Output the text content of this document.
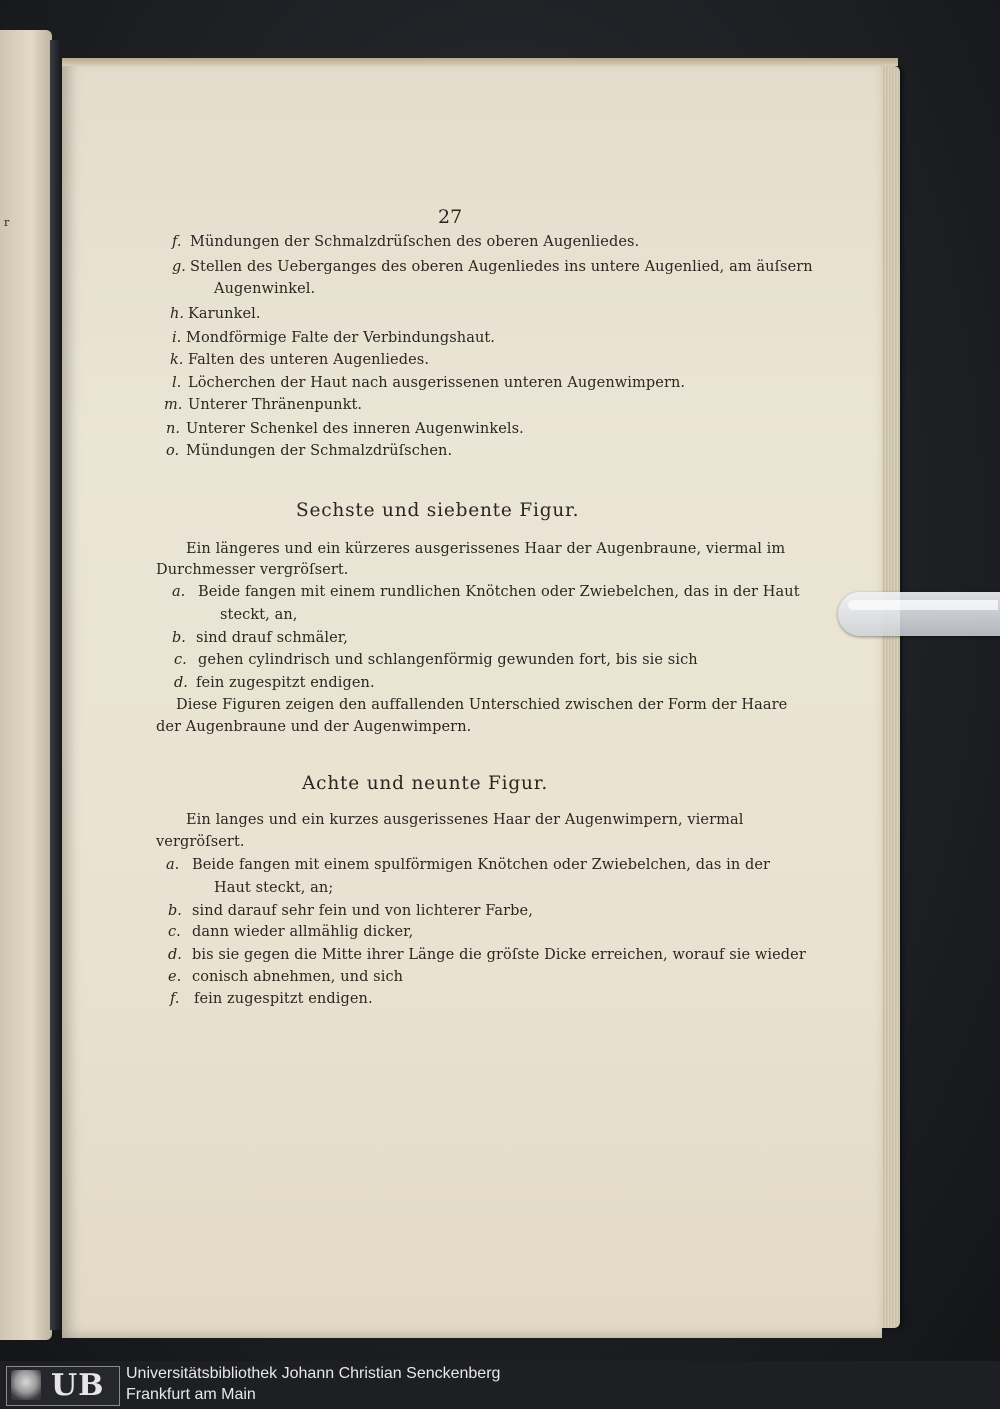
r	27
f. Mündungen der Schmalzdrüſschen des oberen Augenliedes.
g. Stellen des Ueberganges des oberen Augenliedes ins untere Augenlied, am äuſsern
Augenwinkel.
h. Karunkel.
i. Mondförmige Falte der Verbindungshaut.
k. Falten des unteren Augenliedes.
l. Löcherchen der Haut nach ausgerissenen unteren Augenwimpern.
m. Unterer Thränenpunkt.
n. Unterer Schenkel des inneren Augenwinkels.
o. Mündungen der Schmalzdrüſschen.
Sechste und siebente Figur.
Ein längeres und ein kürzeres ausgerissenes Haar der Augenbraune, viermal im
Durchmesser vergröſsert.
a. Beide fangen mit einem rundlichen Knötchen oder Zwiebelchen, das in der Haut
steckt, an,
b. sind drauf schmäler,
c. gehen cylindrisch und schlangenförmig gewunden fort, bis sie sich
d. fein zugespitzt endigen.
Diese Figuren zeigen den auffallenden Unterschied zwischen der Form der Haare
der Augenbraune und der Augenwimpern.
Achte und neunte Figur.
Ein langes und ein kurzes ausgerissenes Haar der Augenwimpern, viermal
vergröſsert.
a. Beide fangen mit einem spulförmigen Knötchen oder Zwiebelchen, das in der
Haut steckt, an;
b. sind darauf sehr fein und von lichterer Farbe,
c. dann wieder allmählig dicker,
d. bis sie gegen die Mitte ihrer Länge die gröſste Dicke erreichen, worauf sie wieder
e. conisch abnehmen, und sich
f. fein zugespitzt endigen.
UB Universitätsbibliothek Johann Christian Senckenberg
Frankfurt am Main
